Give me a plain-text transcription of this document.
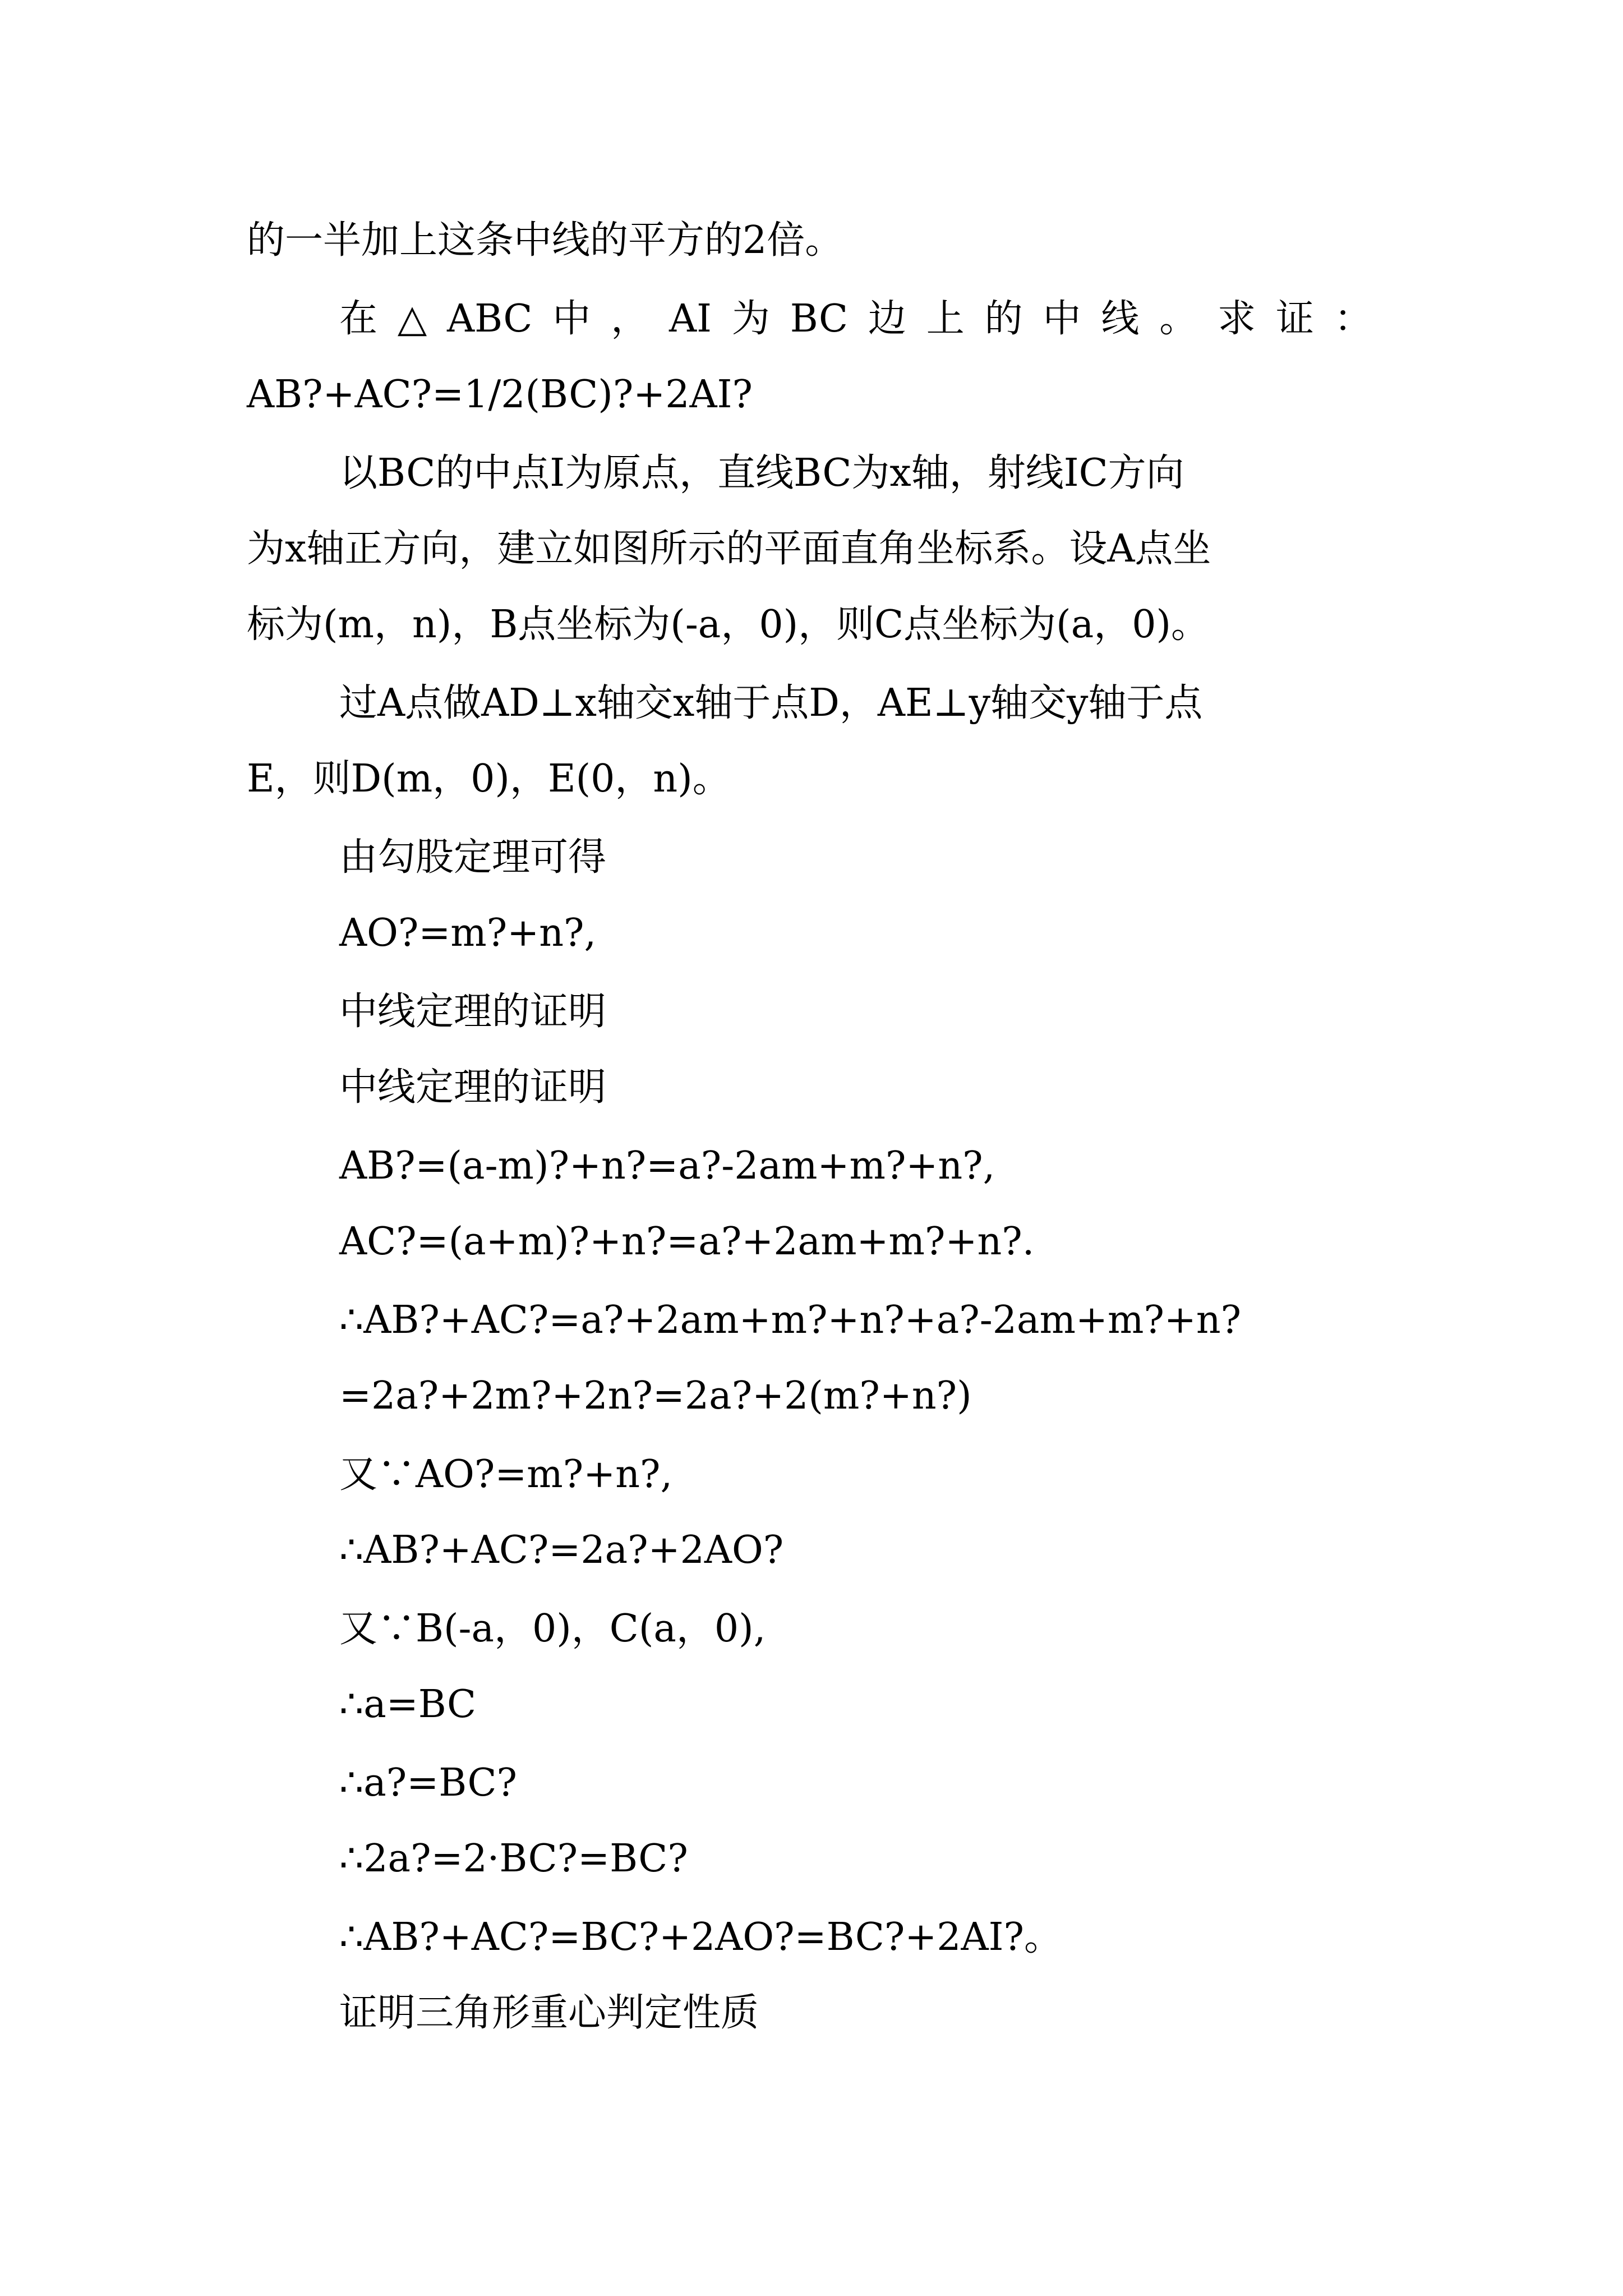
的一半加上这条中线的平方的2倍。
在 △ ABC 中 ， AI 为 BC 边 上 的 中 线 。 求 证 ：
AB?+AC?=1/2(BC)?+2AI?
以BC的中点I为原点，直线BC为x轴，射线IC方向
为x轴正方向，建立如图所示的平面直角坐标系。设A点坐
标为(m，n)，B点坐标为(-a，0)，则C点坐标为(a，0)。
过A点做AD⊥x轴交x轴于点D，AE⊥y轴交y轴于点
E，则D(m，0)，E(0，n)。
由勾股定理可得
AO?=m?+n?,
中线定理的证明
中线定理的证明
AB?=(a-m)?+n?=a?-2am+m?+n?,
AC?=(a+m)?+n?=a?+2am+m?+n?.
∴AB?+AC?=a?+2am+m?+n?+a?-2am+m?+n?
=2a?+2m?+2n?=2a?+2(m?+n?)
又∵AO?=m?+n?,
∴AB?+AC?=2a?+2AO?
又∵B(-a，0)，C(a，0),
∴a=BC
∴a?=BC?
∴2a?=2·BC?=BC?
∴AB?+AC?=BC?+2AO?=BC?+2AI?。
证明三角形重心判定性质
